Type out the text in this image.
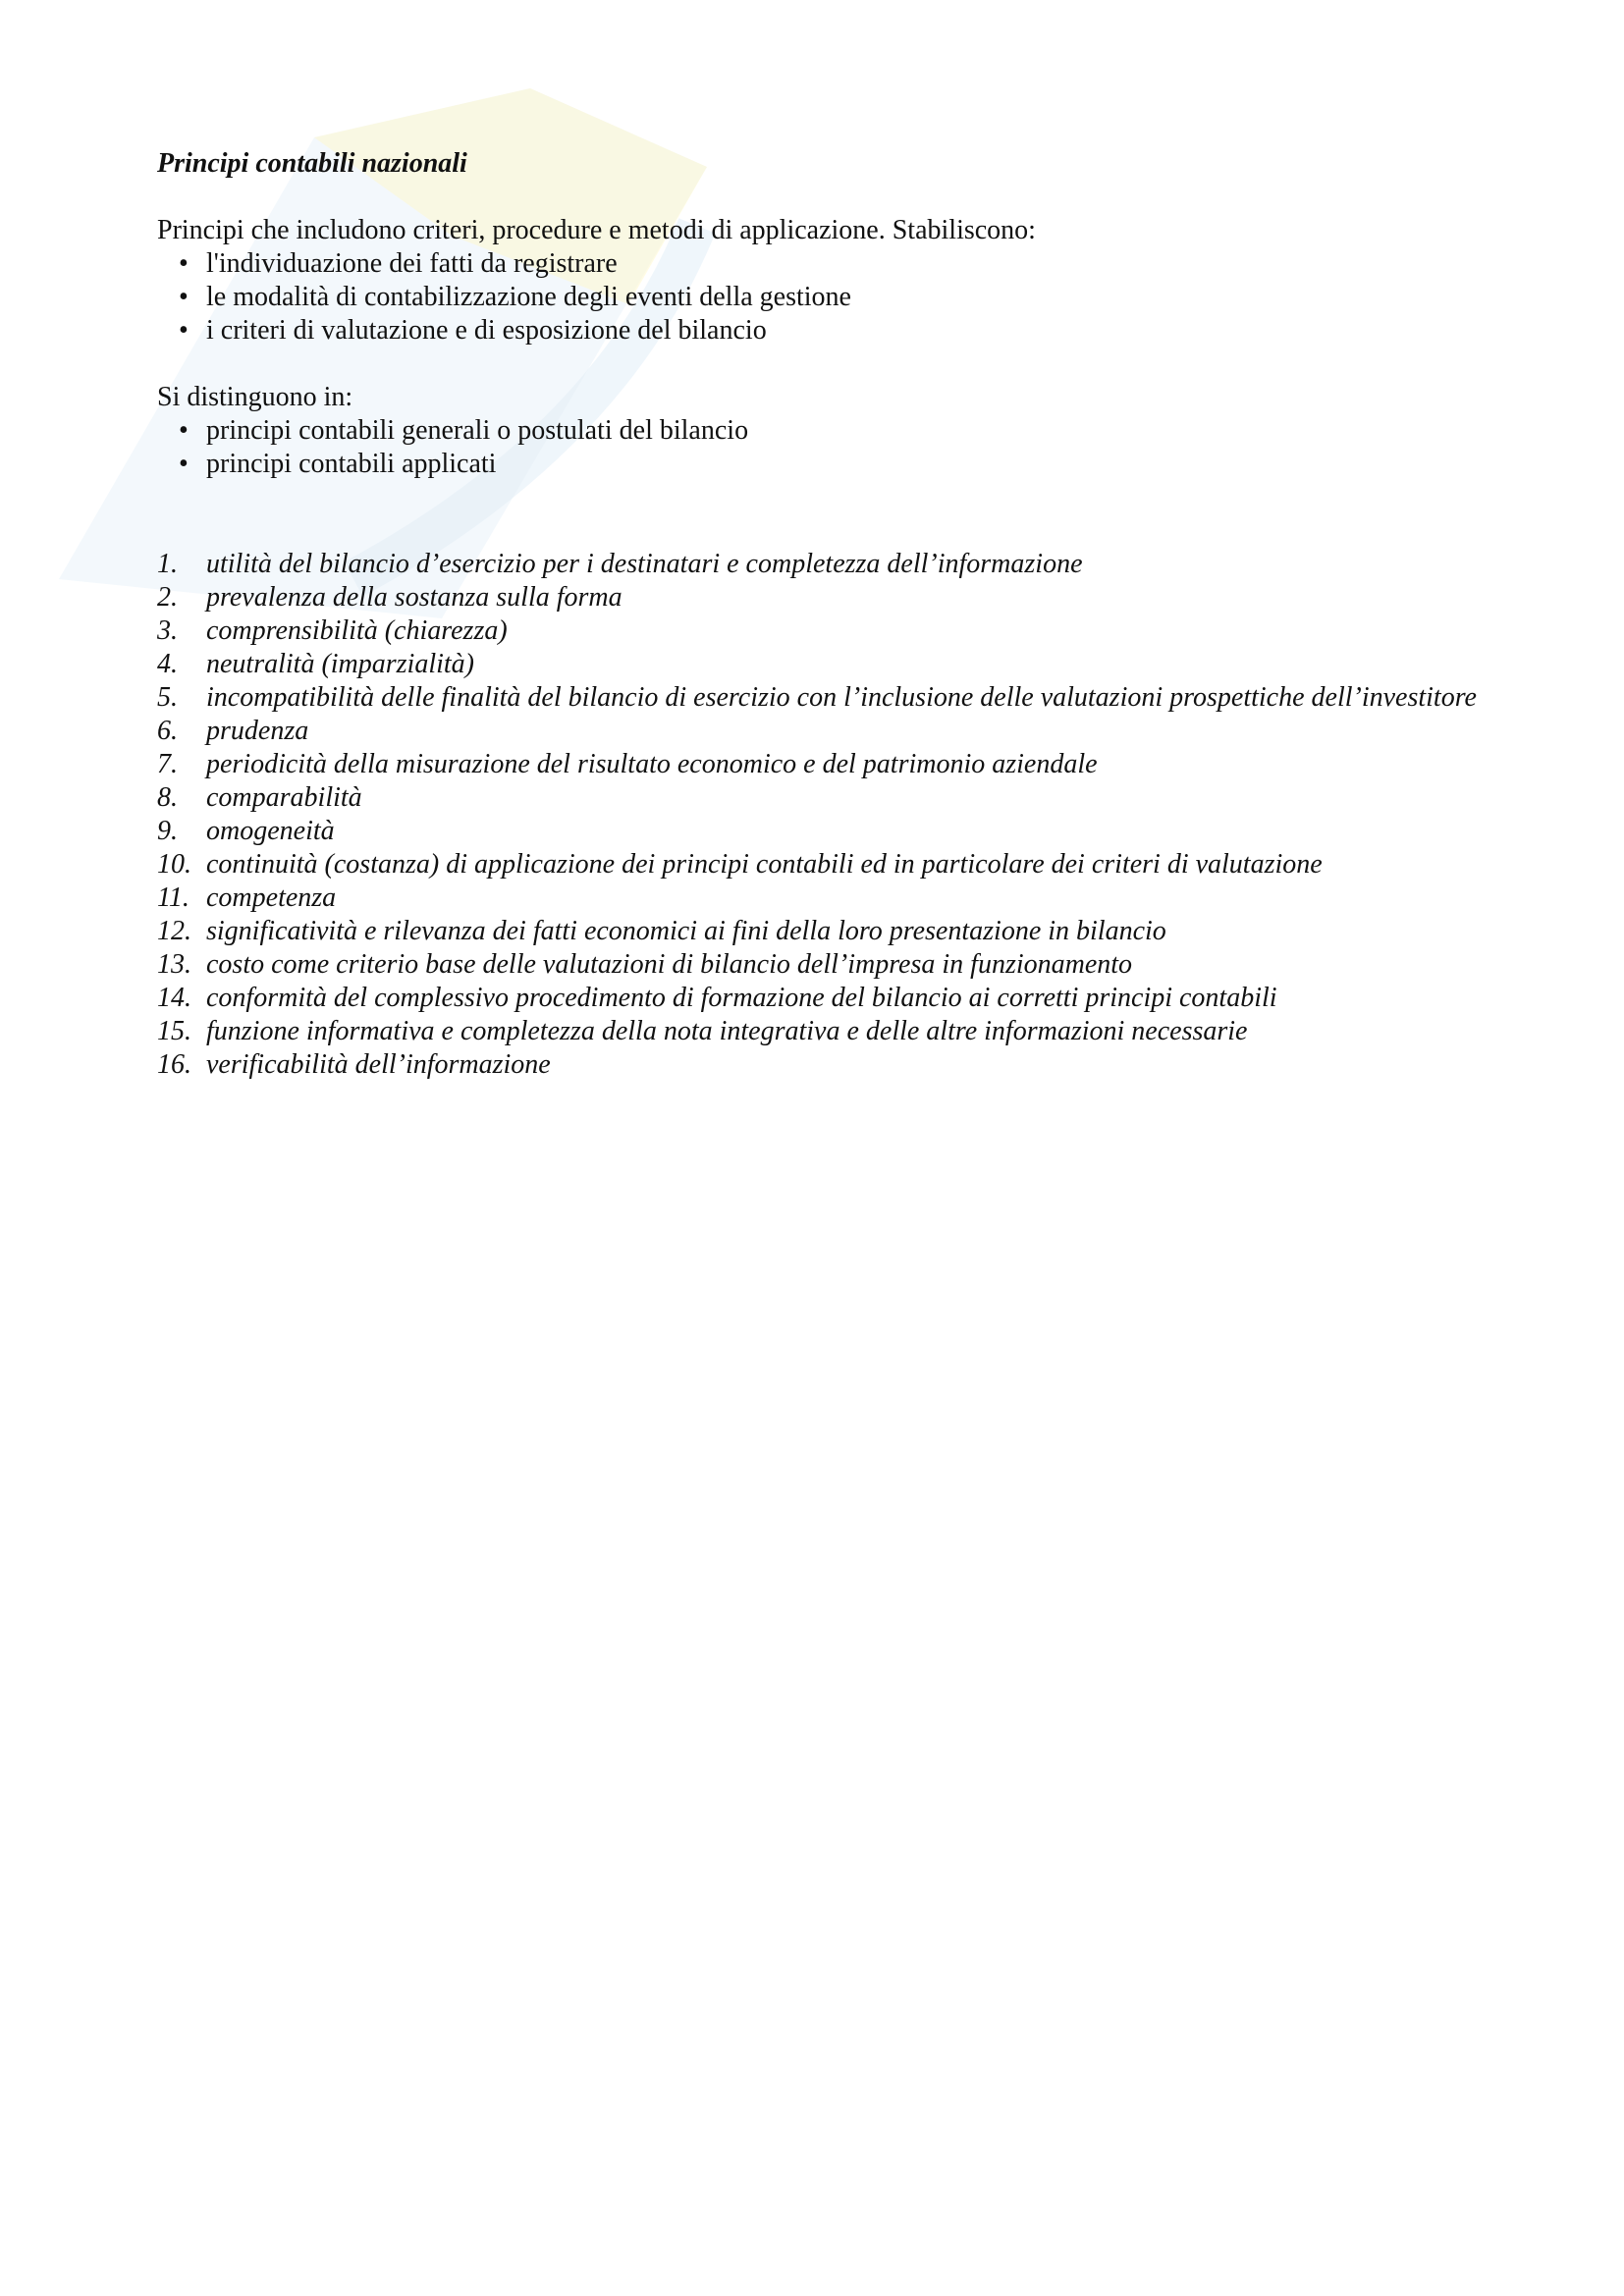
Principi contabili nazionali

Principi che includono criteri, procedure e metodi di applicazione. Stabiliscono:

• l'individuazione dei fatti da registrare
• le modalità di contabilizzazione degli eventi della gestione
• i criteri di valutazione e di esposizione del bilancio

Si distinguono in:

• principi contabili generali o postulati del bilancio
• principi contabili applicati
1.	utilità del bilancio d’esercizio per i destinatari e completezza dell’informazione
2.	prevalenza della sostanza sulla forma
3.	comprensibilità (chiarezza)
4.	neutralità (imparzialità)
5.	incompatibilità delle finalità del bilancio di esercizio con l’inclusione delle valutazioni prospettiche dell’investitore
6.	prudenza
7.	periodicità della misurazione del risultato economico e del patrimonio aziendale
8.	comparabilità
9.	omogeneità
10. continuità (costanza) di applicazione dei principi contabili ed in particolare dei criteri di valutazione
11. competenza
12. significatività e rilevanza dei fatti economici ai fini della loro presentazione in bilancio
13. costo come criterio base delle valutazioni di bilancio dell’impresa in funzionamento
14. conformità del complessivo procedimento di formazione del bilancio ai corretti principi contabili
15. funzione informativa e completezza della nota integrativa e delle altre informazioni necessarie
16. verificabilità dell’informazione
